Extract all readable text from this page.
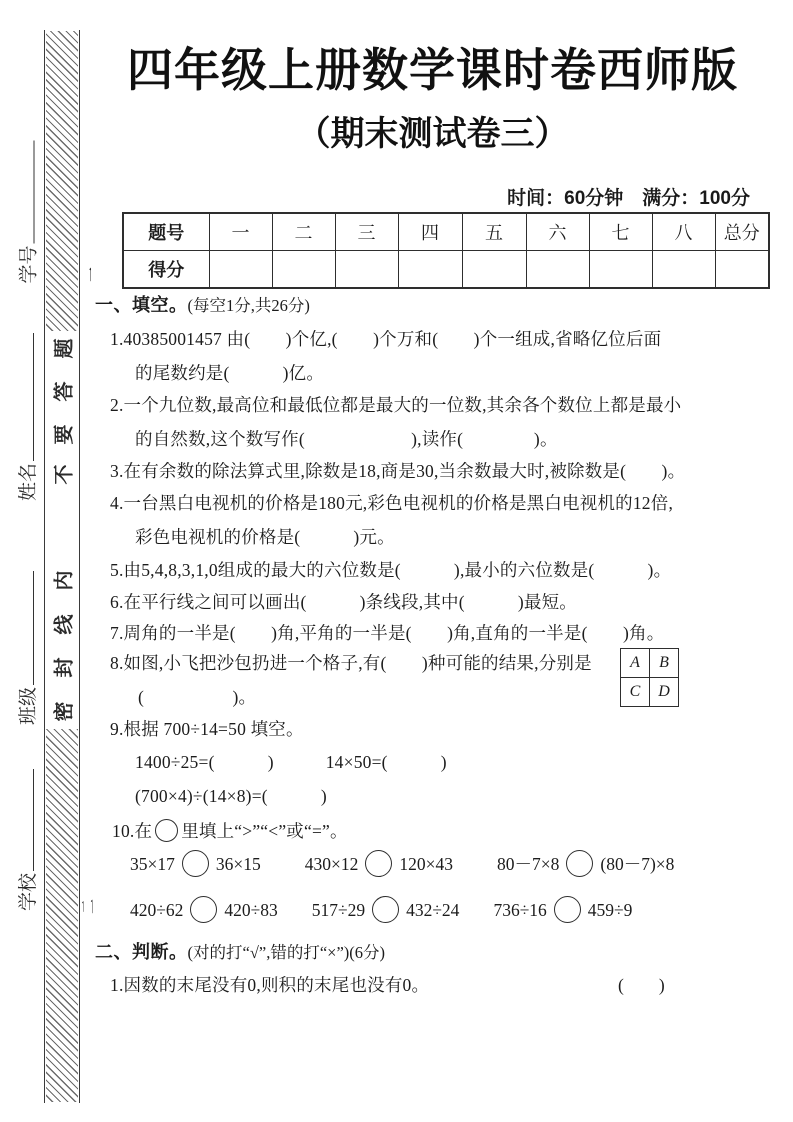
题
答
要
不
内
线
封
密
一
二
学号
姓名
班级
学校
四年级上册数学课时卷西师版
（期末测试卷三）
时间：60分钟　满分：100分
题号	一	二	三	四	五	六	七	八	总分
得分									
一、填空。(每空1分,共26分)
1.40385001457 由(　　)个亿,(　　)个万和(　　)个一组成,省略亿位后面
的尾数约是(　　　)亿。
2.一个九位数,最高位和最低位都是最大的一位数,其余各个数位上都是最小
的自然数,这个数写作(　　　　　　),读作(　　　　)。
3.在有余数的除法算式里,除数是18,商是30,当余数最大时,被除数是(　　)。
4.一台黑白电视机的价格是180元,彩色电视机的价格是黑白电视机的12倍,
彩色电视机的价格是(　　　)元。
5.由5,4,8,3,1,0组成的最大的六位数是(　　　),最小的六位数是(　　　)。
6.在平行线之间可以画出(　　　)条线段,其中(　　　)最短。
7.周角的一半是(　　)角,平角的一半是(　　)角,直角的一半是(　　)角。
8.如图,小飞把沙包扔进一个格子,有(　　)种可能的结果,分别是
(　　　　　)。
A	B
C	D
9.根据 700÷14=50 填空。
1400÷25=(　　　)	14×50=(　　　)
(700×4)÷(14×8)=(　　　)
10.在 里填上“>”“<”或“=”。
35×17 36×15	430×12 120×43	80－7×8 (80－7)×8
420÷62 420÷83 517÷29 432÷24 736÷16 459÷9
二、判断。(对的打“√”,错的打“×”)(6分)
1.因数的末尾没有0,则积的末尾也没有0。	(　　)
